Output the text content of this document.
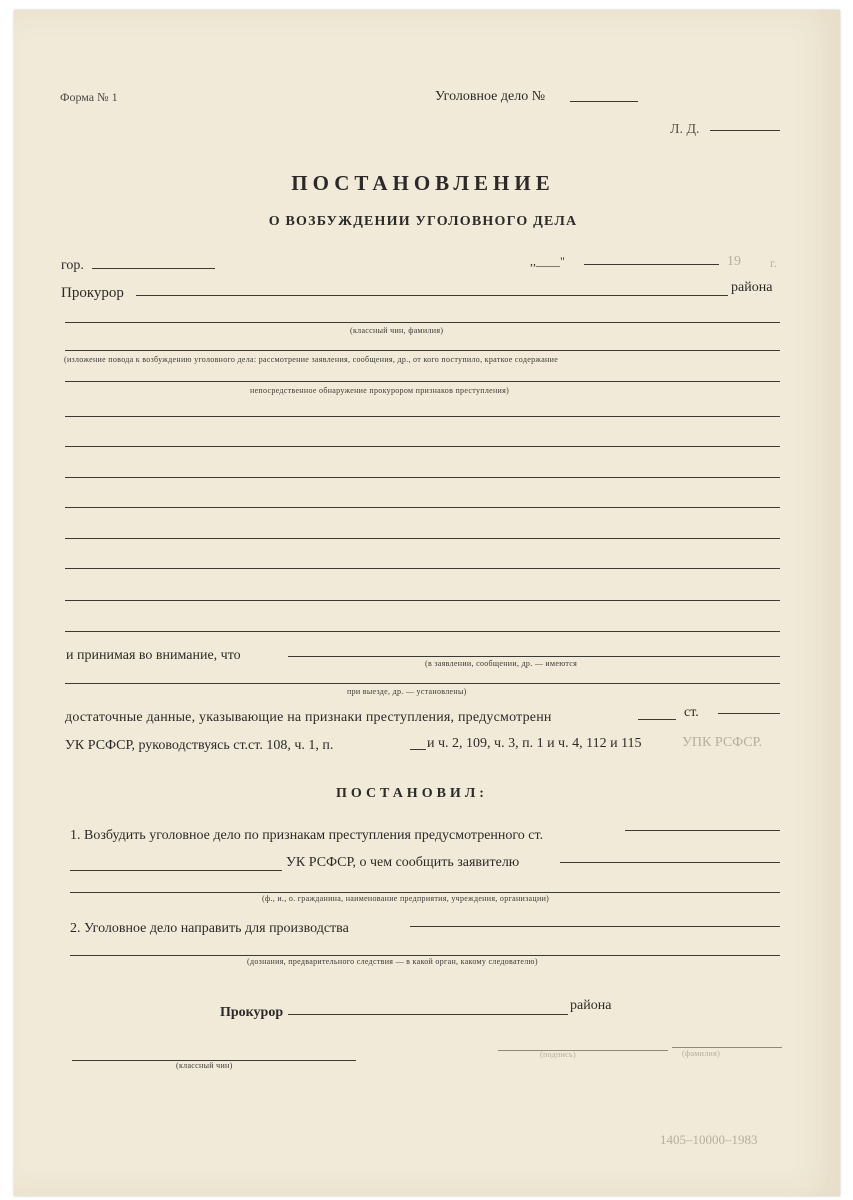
Форма № 1	Уголовное дело №
Л. Д.
ПОСТАНОВЛЕНИЕ
О ВОЗБУЖДЕНИИ УГОЛОВНОГО ДЕЛА
гор.	,,____"	19 г.
Прокурор	района
(классный чин, фамилия)
(изложение повода к возбуждению уголовного дела: рассмотрение заявления, сообщения, др., от кого поступило, краткое содержание
непосредственное обнаружение прокурором признаков преступления)
и принимая во внимание, что
(в заявлении, сообщении, др. — имеются
при выезде, др. — установлены)
достаточные данные, указывающие на признаки преступления, предусмотренн	ст.
УК РСФСР, руководствуясь ст.ст. 108, ч. 1, п.	и ч. 2, 109, ч. 3, п. 1 и ч. 4, 112 и 115	УПК РСФСР.
ПОСТАНОВИЛ:
1. Возбудить уголовное дело по признакам преступления предусмотренного ст.
УК РСФСР, о чем сообщить заявителю
(ф., и., о. гражданина, наименование предприятия, учреждения, организации)
2. Уголовное дело направить для производства
(дознания, предварительного следствия — в какой орган, какому следователю)
Прокурор	района
(классный чин)
(подпись)	(фамилия)
1405–10000–1983
